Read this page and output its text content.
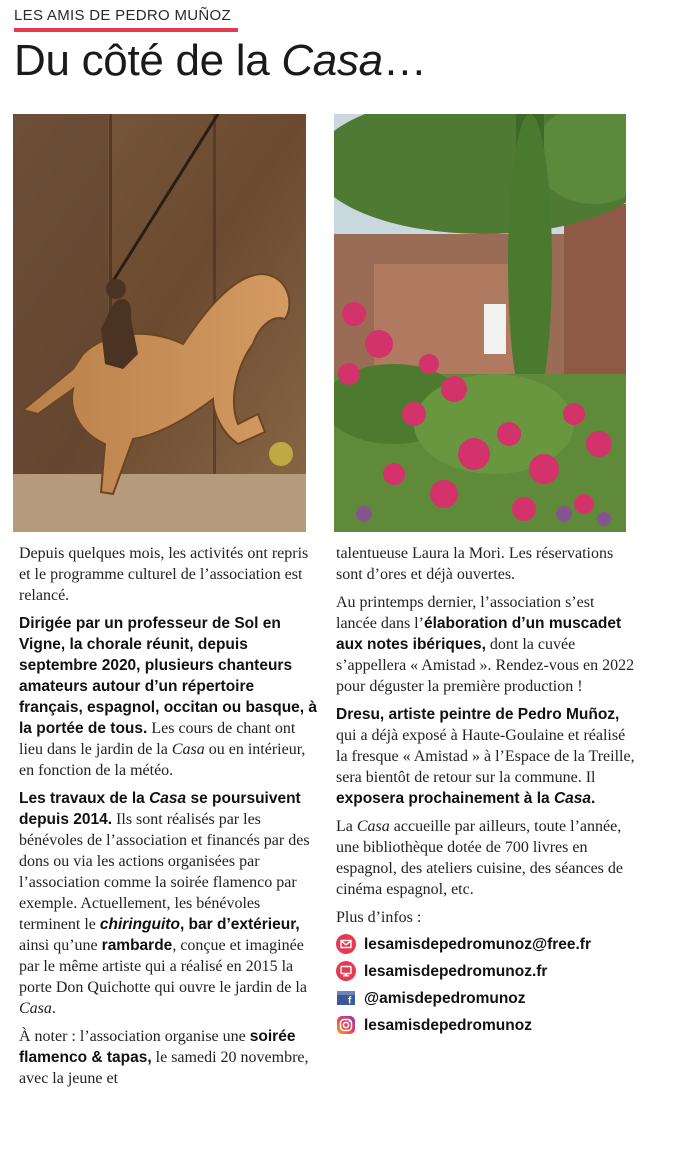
LES AMIS DE PEDRO MUÑOZ
Du côté de la Casa…

Depuis quelques mois, les activités ont repris et le programme culturel de l’association est relancé.

Dirigée par un professeur de Sol en Vigne, la chorale réunit, depuis septembre 2020, plusieurs chanteurs amateurs autour d’un répertoire français, espagnol, occitan ou basque, à la portée de tous. Les cours de chant ont lieu dans le jardin de la Casa ou en intérieur, en fonction de la météo.

Les travaux de la Casa se poursuivent depuis 2014. Ils sont réalisés par les bénévoles de l’association et financés par des dons ou via les actions organisées par l’association comme la soirée flamenco par exemple. Actuellement, les bénévoles terminent le chiringuito, bar d’extérieur, ainsi qu’une rambarde, conçue et imaginée par le même artiste qui a réalisé en 2015 la porte Don Quichotte qui ouvre le jardin de la Casa.

À noter : l’association organise une soirée flamenco & tapas, le samedi 20 novembre, avec la jeune et

talentueuse Laura la Mori. Les réservations sont d’ores et déjà ouvertes.

Au printemps dernier, l’association s’est lancée dans l’élaboration d’un muscadet aux notes ibériques, dont la cuvée s’appellera « Amistad ». Rendez-vous en 2022 pour déguster la première production !

Dresu, artiste peintre de Pedro Muñoz, qui a déjà exposé à Haute-Goulaine et réalisé la fresque « Amistad » à l’Espace de la Treille, sera bientôt de retour sur la commune. Il exposera prochainement à la Casa.

La Casa accueille par ailleurs, toute l’année, une bibliothèque dotée de 700 livres en espagnol, des ateliers cuisine, des séances de cinéma espagnol, etc.

Plus d’infos :

lesamisdepedromunoz@free.fr
lesamisdepedromunoz.fr
f @amisdepedromunoz
lesamisdepedromunoz
